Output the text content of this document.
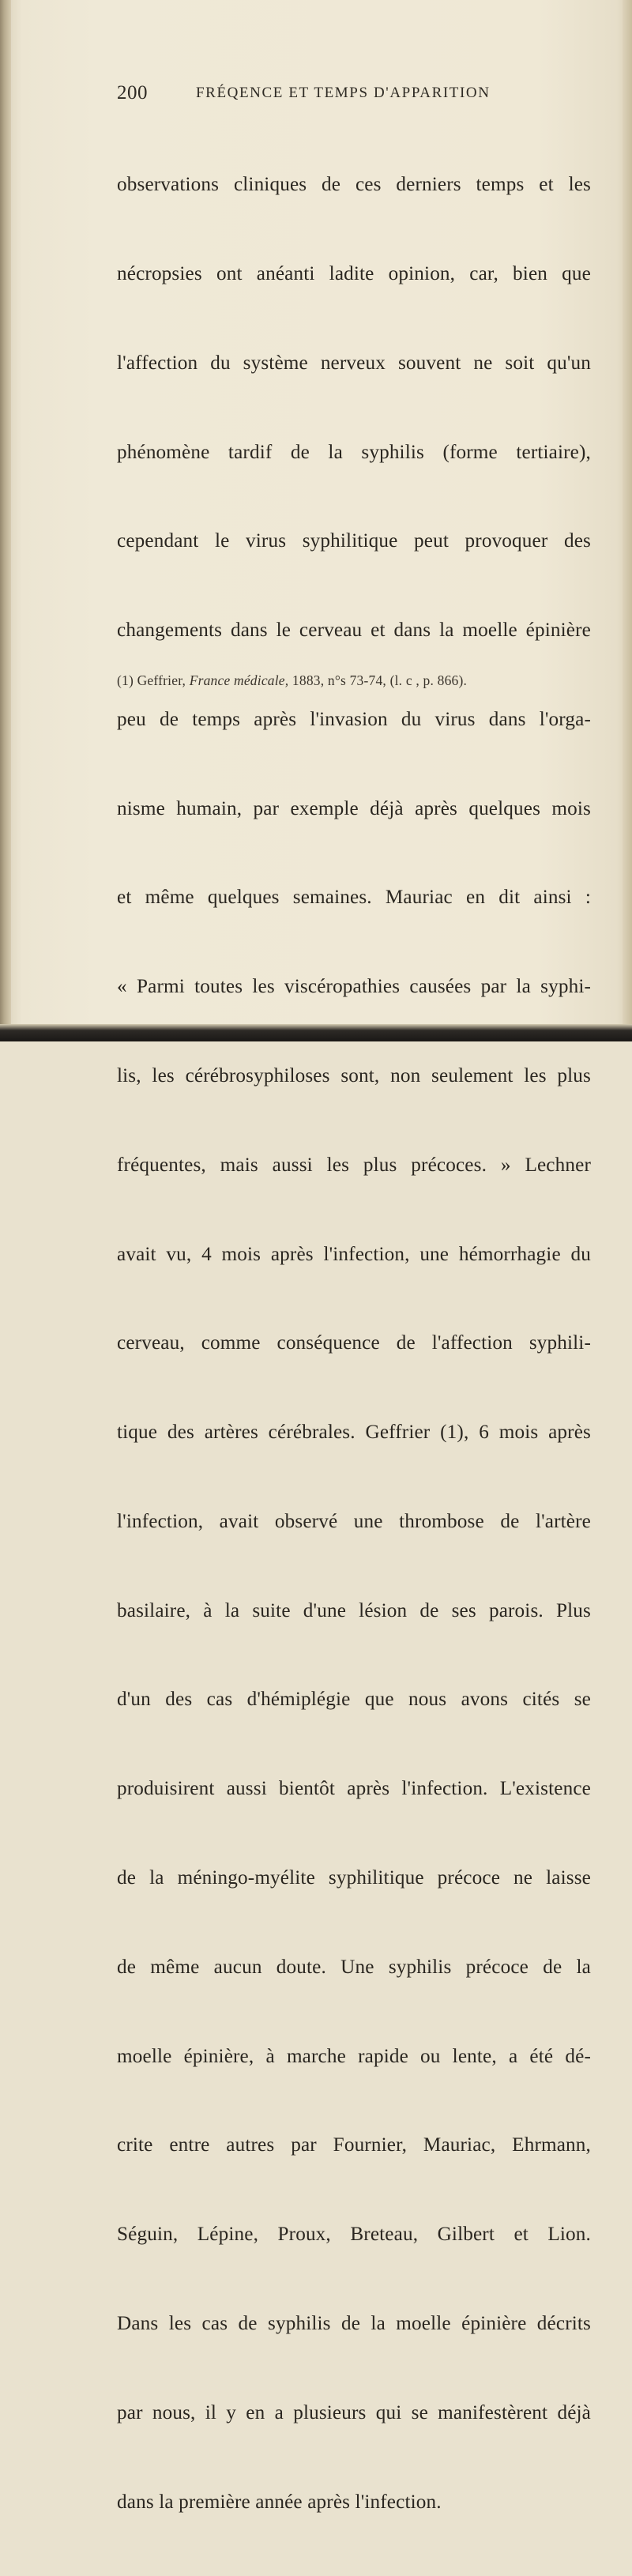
200	FRÉQENCE ET TEMPS D'APPARITION

observations cliniques de ces derniers temps et les

nécropsies ont anéanti ladite opinion, car, bien que

l'affection du système nerveux souvent ne soit qu'un

phénomène tardif de la syphilis (forme tertiaire),

cependant le virus syphilitique peut provoquer des

changements dans le cerveau et dans la moelle épinière

peu de temps après l'invasion du virus dans l'orga-

nisme humain, par exemple déjà après quelques mois

et même quelques semaines. Mauriac en dit ainsi :

« Parmi toutes les viscéropathies causées par la syphi-

lis, les cérébrosyphiloses sont, non seulement les plus

fréquentes, mais aussi les plus précoces. » Lechner

avait vu, 4 mois après l'infection, une hémorrhagie du

cerveau, comme conséquence de l'affection syphili-

tique des artères cérébrales. Geffrier (1), 6 mois après

l'infection, avait observé une thrombose de l'artère

basilaire, à la suite d'une lésion de ses parois. Plus

d'un des cas d'hémiplégie que nous avons cités se

produisirent aussi bientôt après l'infection. L'existence

de la méningo-myélite syphilitique précoce ne laisse

de même aucun doute. Une syphilis précoce de la

moelle épinière, à marche rapide ou lente, a été dé-

crite entre autres par Fournier, Mauriac, Ehrmann,

Séguin, Lépine, Proux, Breteau, Gilbert et Lion.

Dans les cas de syphilis de la moelle épinière décrits

par nous, il y en a plusieurs qui se manifestèrent déjà

dans la première année après l'infection.

(1) Geffrier, France médicale, 1883, n°s 73-74, (l. c , p. 866).
